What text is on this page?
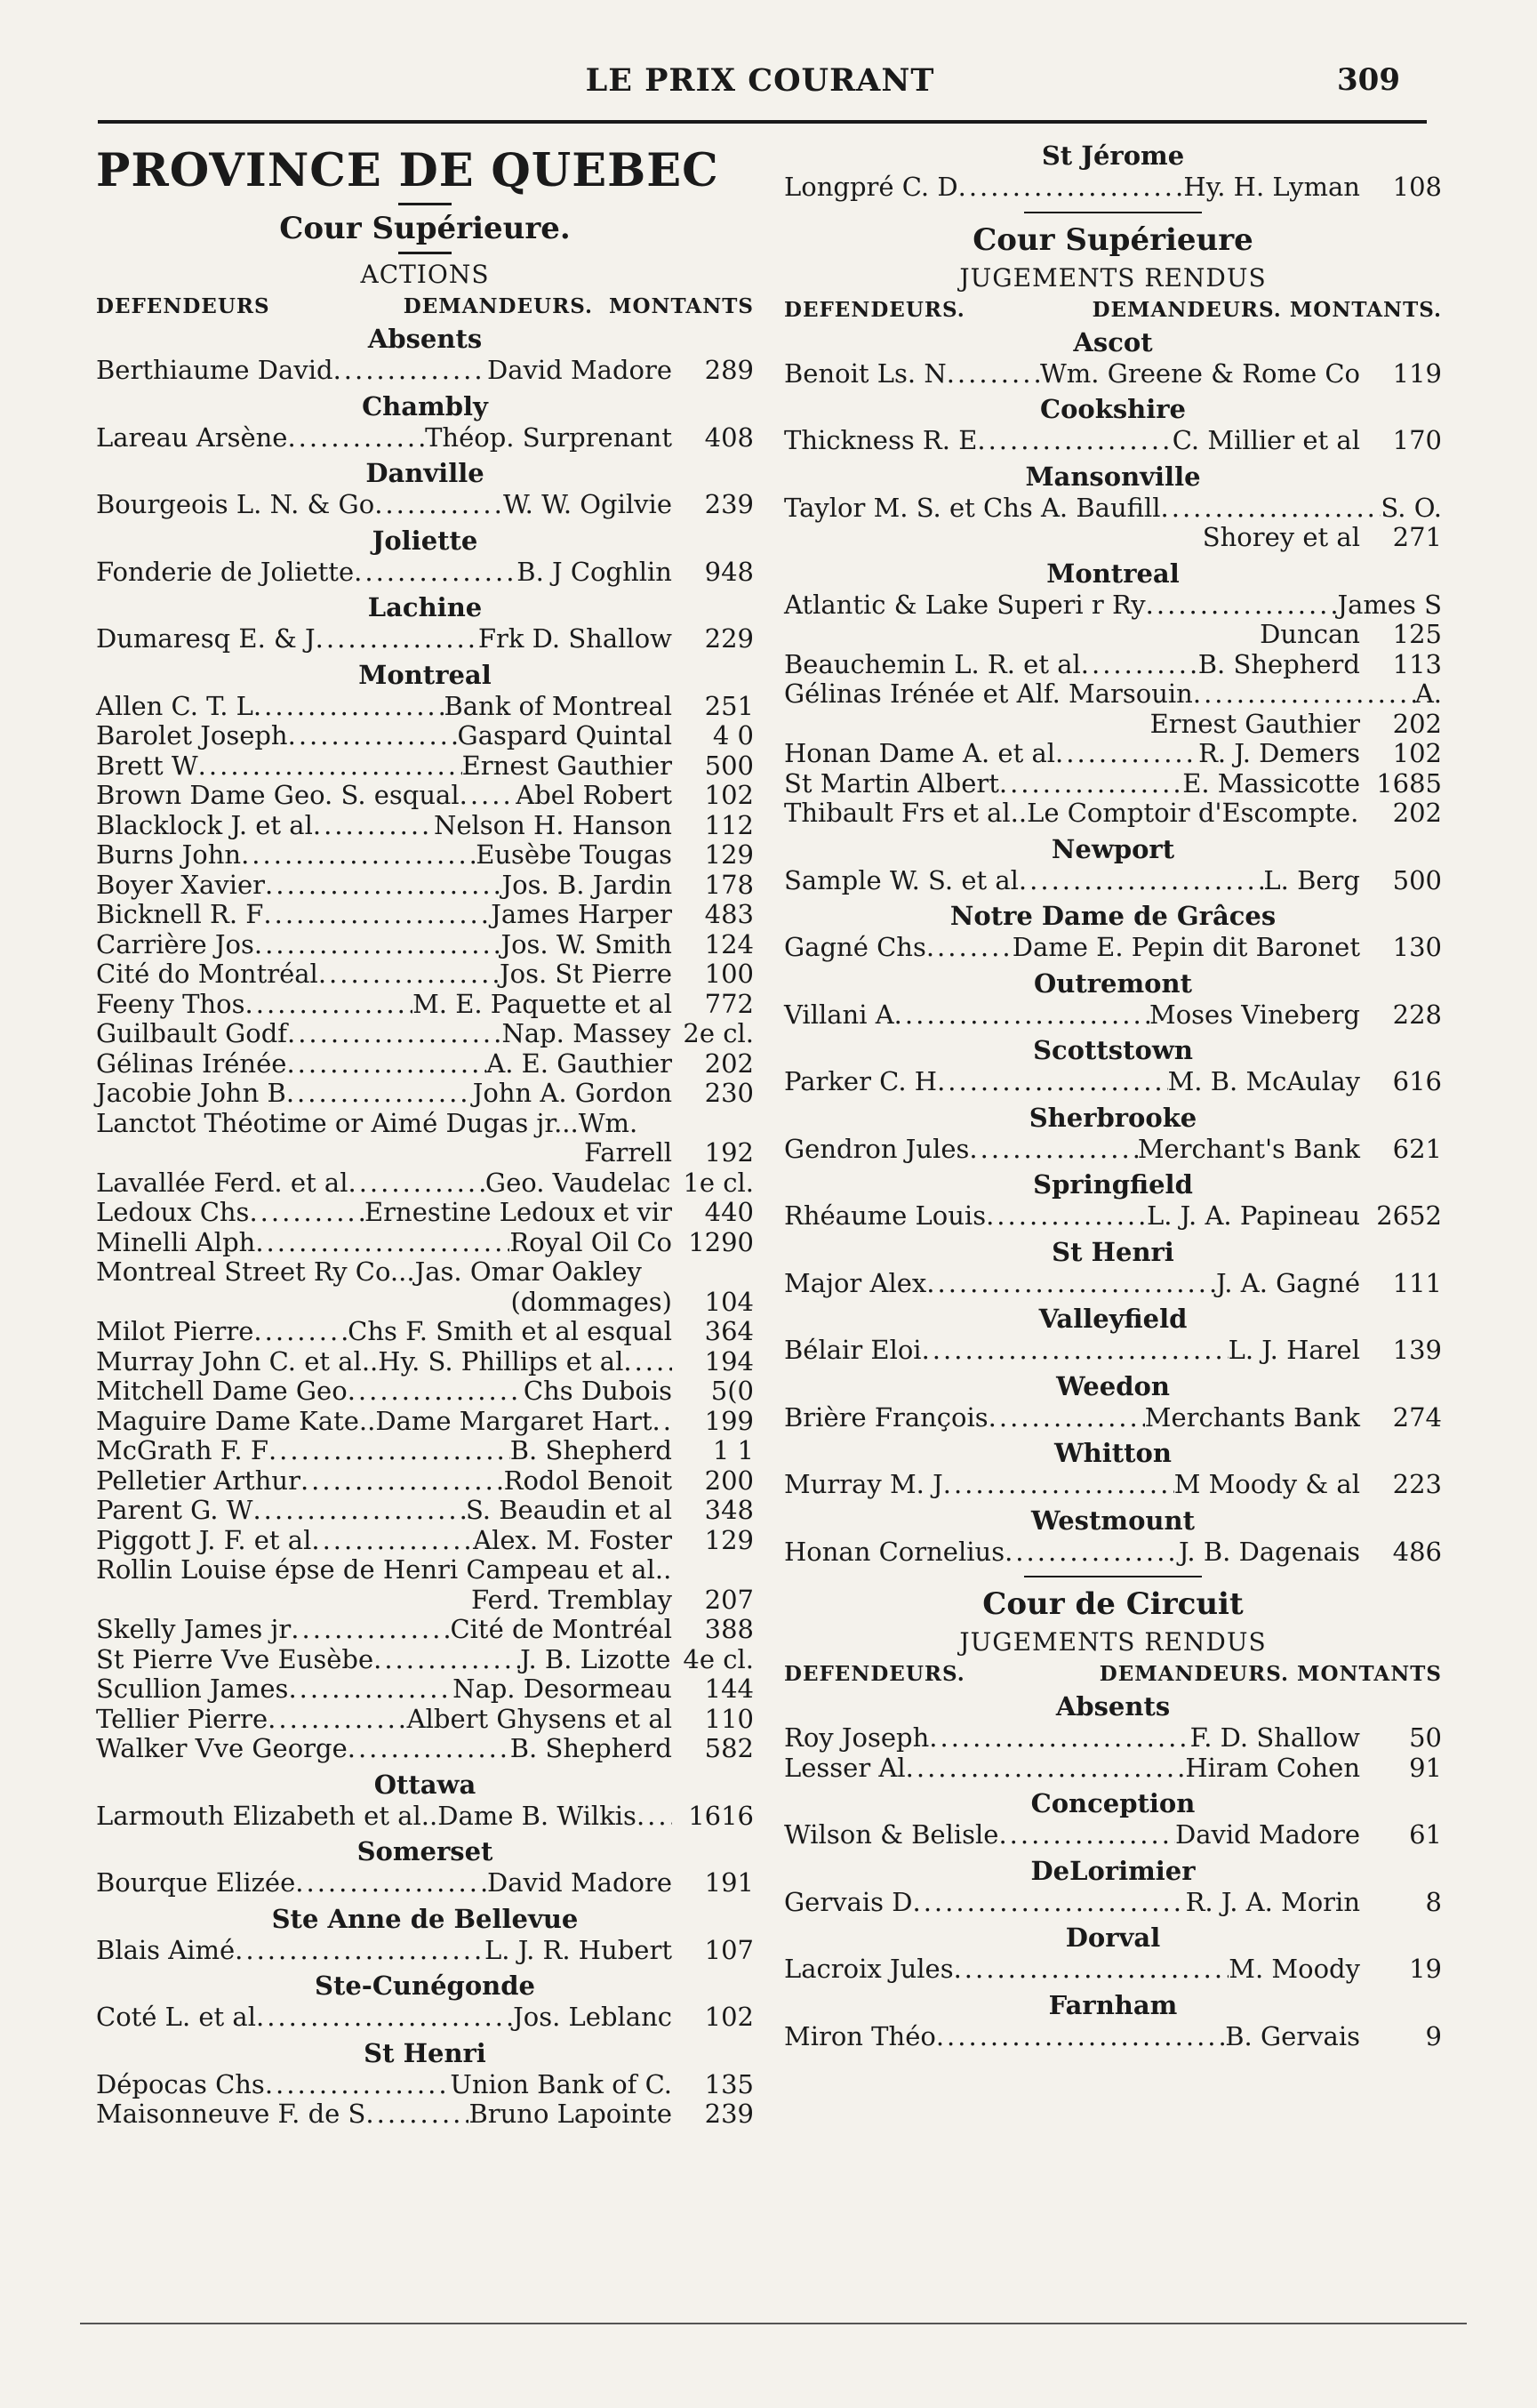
LE PRIX COURANT	309
PROVINCE DE QUEBEC
Cour Supérieure.
ACTIONS
DEFENDEURS	DEMANDEURS. MONTANTS
Absents
Berthiaume David .....	David Madore	289
Chambly
Lareau Arsène .....	Théop. Surprenant	408
Danville
Bourgeois L. N. & Go .....	W. W. Ogilvie	239
Joliette
Fonderie de Joliette .....	B. J Coghlin	948
Lachine
Dumaresq E. & J .....	Frk D. Shallow	229
Montreal
Allen C. T. L .....	Bank of Montreal	251
Barolet Joseph .....	Gaspard Quintal	4 0
Brett W .....	Ernest Gauthier	500
Brown Dame Geo. S. esqual ..... Abel Robert	102
Blacklock J. et al .....	Nelson H. Hanson	112
Burns John .....	Eusèbe Tougas	129
Boyer Xavier .....	Jos. B. Jardin	178
Bicknell R. F .....	James Harper	483
Carrière Jos .....	Jos. W. Smith	124
Cité do Montréal .....	Jos. St Pierre	100
Feeny Thos .....	M. E. Paquette et al	772
Guilbault Godf .....	Nap. Massey 2e cl.
Gélinas Irénée .....	A. E. Gauthier	202
Jacobie John B .....	John A. Gordon	230
Lanctot Théotime or Aimé Dugas jr...Wm.
Farrell	192
Lavallée Ferd. et al .....	Geo. Vaudelac 1e cl.
Ledoux Chs .....	Ernestine Ledoux et vir	440
Minelli Alph .....	Royal Oil Co 1290
Montreal Street Ry Co...Jas. Omar Oakley
(dommages)	104
Milot Pierre .....	Chs F. Smith et al esqual	364
Murray John C. et al..Hy. S. Phillips et al .....	194
Mitchell Dame Geo .....	Chs Dubois	5(0
Maguire Dame Kate..Dame Margaret Hart .....	199
McGrath F. F .....	B. Shepherd	1 1
Pelletier Arthur .....	Rodol Benoit	200
Parent G. W .....	S. Beaudin et al	348
Piggott J. F. et al .....	Alex. M. Foster	129
Rollin Louise épse de Henri Campeau et al..
Ferd. Tremblay	207
Skelly James jr .....	Cité de Montréal	388
St Pierre Vve Eusèbe .....	J. B. Lizotte 4e cl.
Scullion James .....	Nap. Desormeau	144
Tellier Pierre .....	Albert Ghysens et al	110
Walker Vve George .....	B. Shepherd	582
Ottawa
Larmouth Elizabeth et al..Dame B. Wilkis ..... 1616
Somerset
Bourque Elizée .....	David Madore	191
Ste Anne de Bellevue
Blais Aimé .....	L. J. R. Hubert	107
Ste-Cunégonde
Coté L. et al .....	Jos. Leblanc	102
St Henri
Dépocas Chs .....	Union Bank of C.	135
Maisonneuve F. de S .....	Bruno Lapointe	239
St Jérome
Longpré C. D .....	Hy. H. Lyman	108
Cour Supérieure
JUGEMENTS RENDUS
DEFENDEURS.	DEMANDEURS. MONTANTS.
Ascot
Benoit Ls. N .....	Wm. Greene & Rome Co	119
Cookshire
Thickness R. E .....	C. Millier et al	170
Mansonville
Taylor M. S. et Chs A. Baufill .....	S. O.
Shorey et al	271
Montreal
Atlantic & Lake Superi r Ry .....	James S
Duncan	125
Beauchemin L. R. et al .....	B. Shepherd	113
Gélinas Irénée et Alf. Marsouin .....	A.
Ernest Gauthier	202
Honan Dame A. et al .....	R. J. Demers	102
St Martin Albert .....	E. Massicotte 1685
Thibault Frs et al..Le Comptoir d'Escompte .....	202
Newport
Sample W. S. et al .....	L. Berg	500
Notre Dame de Grâces
Gagné Chs .....	Dame E. Pepin dit Baronet	130
Outremont
Villani A .....	Moses Vineberg	228
Scottstown
Parker C. H .....	M. B. McAulay	616
Sherbrooke
Gendron Jules .....	Merchant's Bank	621
Springfield
Rhéaume Louis .....	L. J. A. Papineau 2652
St Henri
Major Alex .....	J. A. Gagné	111
Valleyfield
Bélair Eloi .....	L. J. Harel	139
Weedon
Brière François .....	Merchants Bank	274
Whitton
Murray M. J .....	M Moody & al	223
Westmount
Honan Cornelius .....	J. B. Dagenais	486
Cour de Circuit
JUGEMENTS RENDUS
DEFENDEURS.	DEMANDEURS. MONTANTS
Absents
Roy Joseph .....	F. D. Shallow	50
Lesser Al .....	Hiram Cohen	91
Conception
Wilson & Belisle .....	David Madore	61
DeLorimier
Gervais D .....	R. J. A. Morin	8
Dorval
Lacroix Jules .....	M. Moody	19
Farnham
Miron Théo .....	B. Gervais	9
